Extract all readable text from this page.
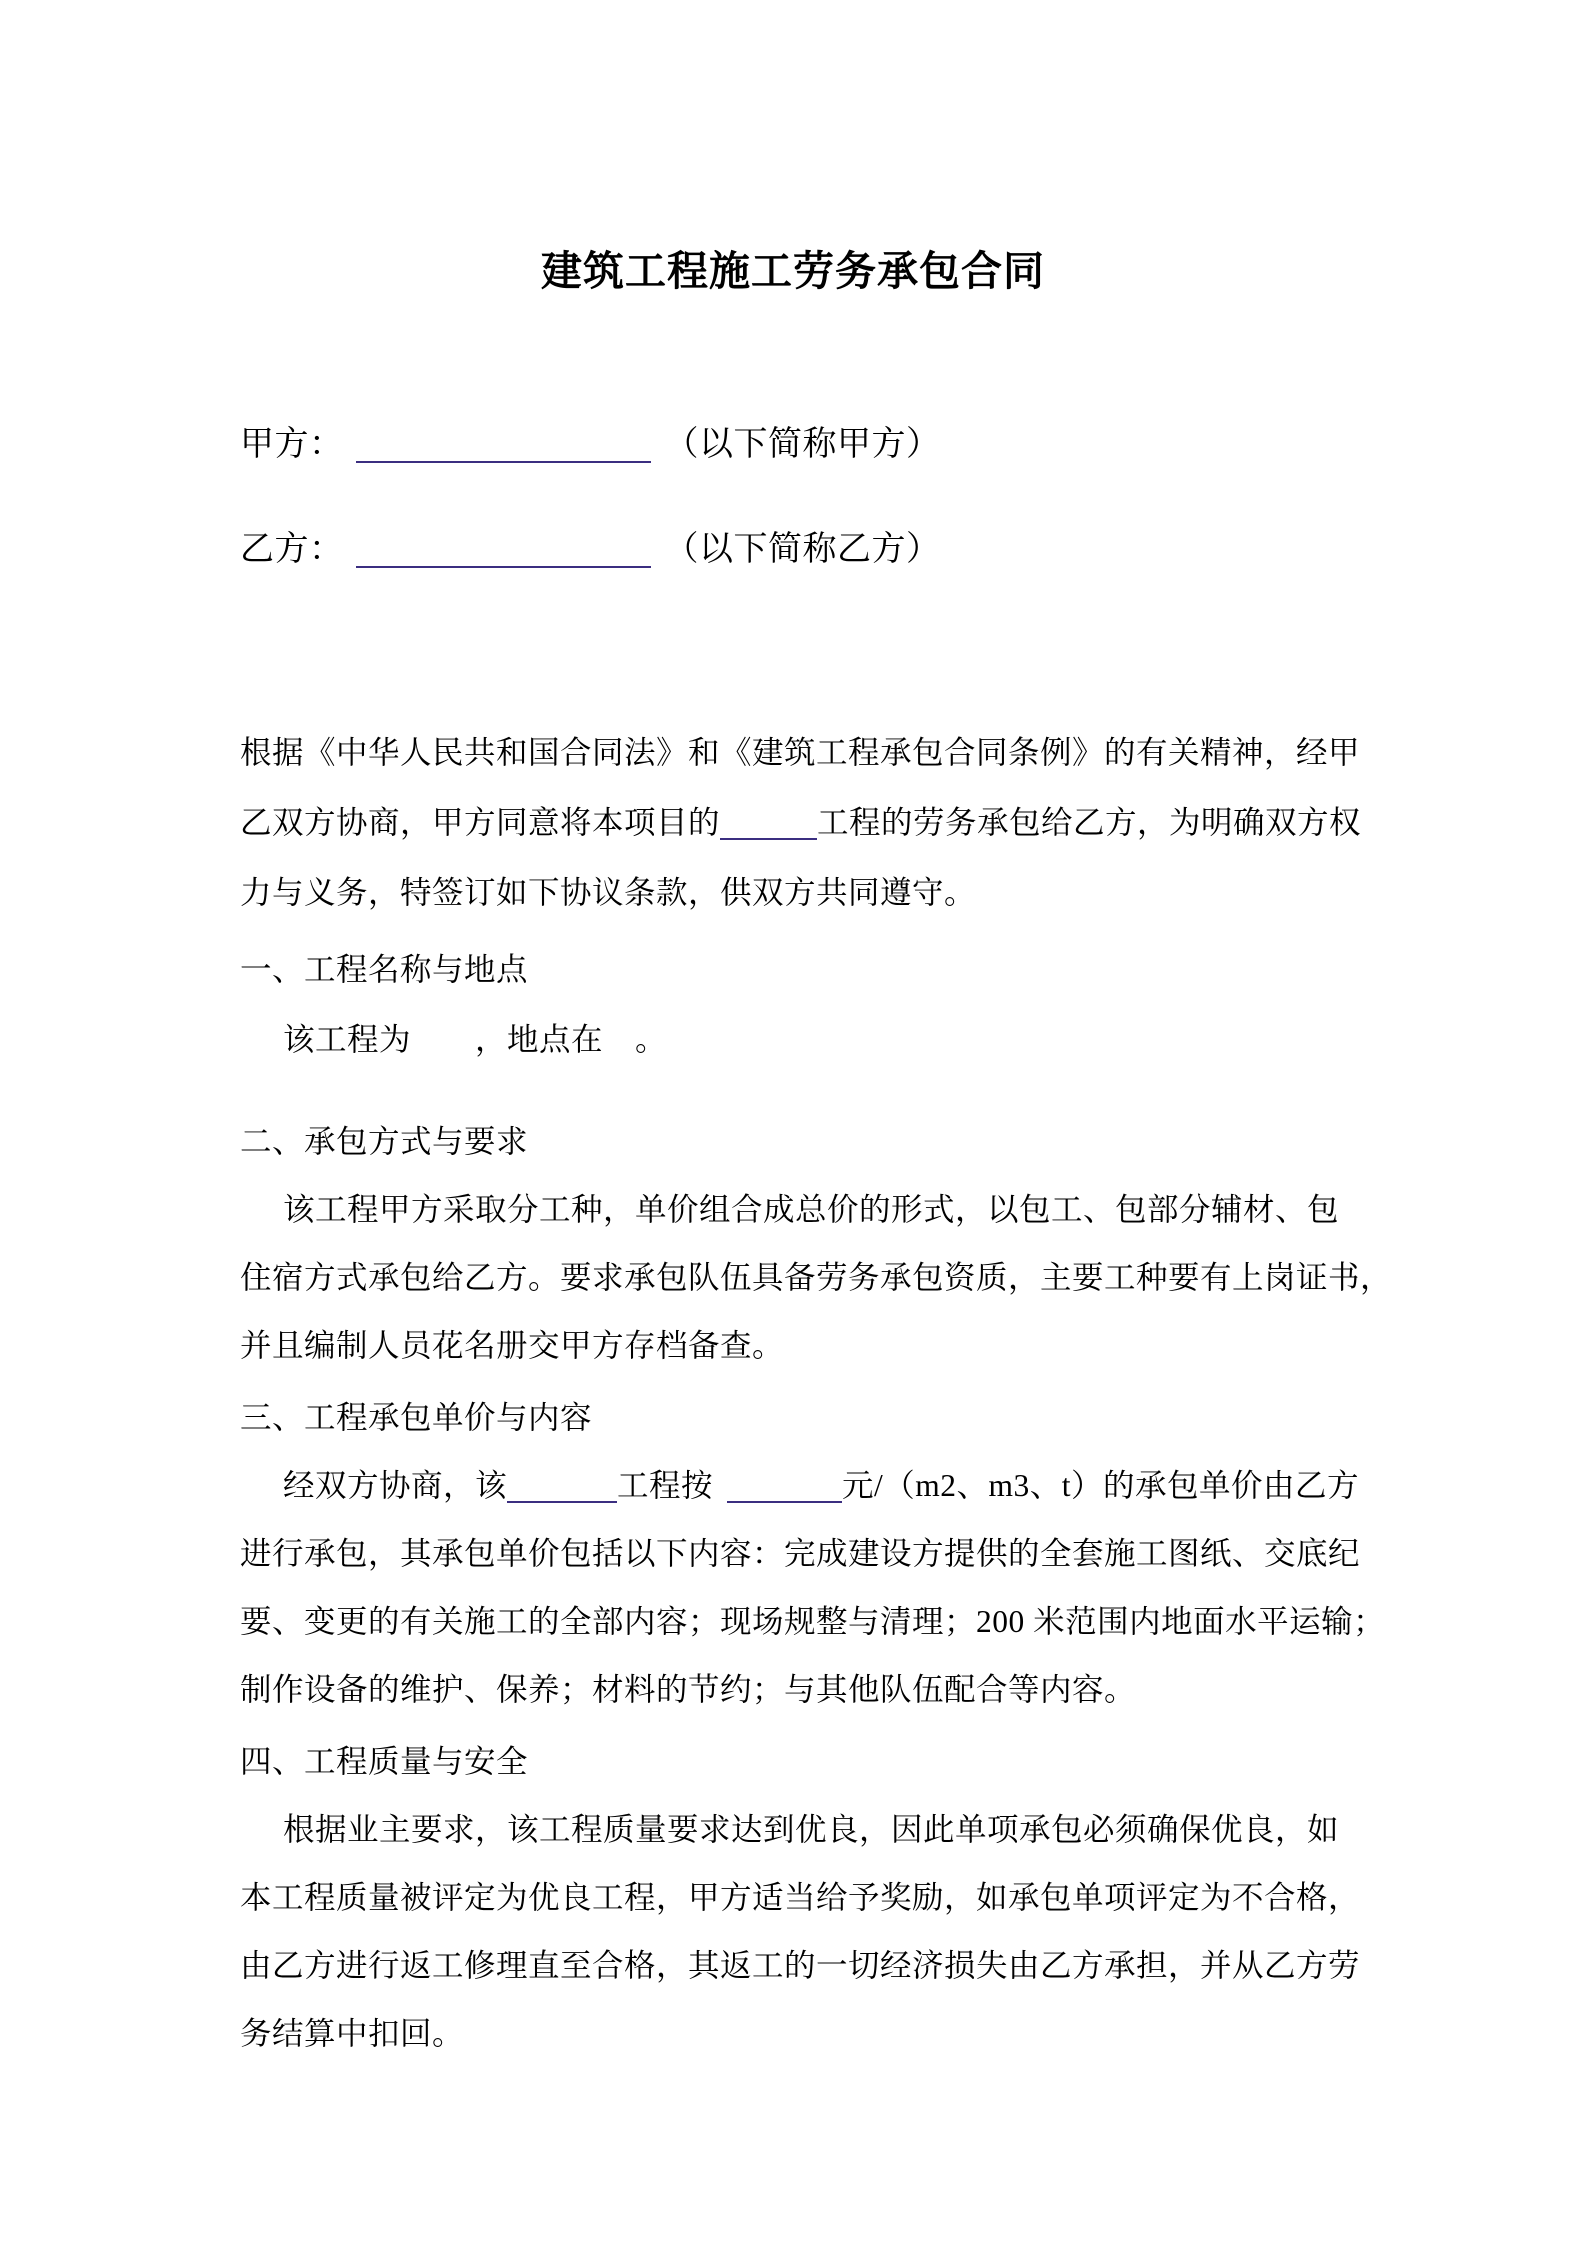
建筑工程施工劳务承包合同
甲方：	（以下简称甲方）
乙方：	（以下简称乙方）
根据《中华人民共和国合同法》和《建筑工程承包合同条例》的有关精神，经甲
乙双方协商，甲方同意将本项目的	工程的劳务承包给乙方，为明确双方权
力与义务，特签订如下协议条款，供双方共同遵守。
一、工程名称与地点
该工程为　　，地点在　。
二、承包方式与要求
该工程甲方采取分工种，单价组合成总价的形式，以包工、包部分辅材、包
住宿方式承包给乙方。要求承包队伍具备劳务承包资质，主要工种要有上岗证书，
并且编制人员花名册交甲方存档备查。
三、工程承包单价与内容
经双方协商，该	工程按	元/（m2、m3、t）的承包单价由乙方
进行承包，其承包单价包括以下内容：完成建设方提供的全套施工图纸、交底纪
要、变更的有关施工的全部内容；现场规整与清理；200 米范围内地面水平运输；
制作设备的维护、保养；材料的节约；与其他队伍配合等内容。
四、工程质量与安全
根据业主要求，该工程质量要求达到优良，因此单项承包必须确保优良，如
本工程质量被评定为优良工程，甲方适当给予奖励，如承包单项评定为不合格，
由乙方进行返工修理直至合格，其返工的一切经济损失由乙方承担，并从乙方劳
务结算中扣回。
